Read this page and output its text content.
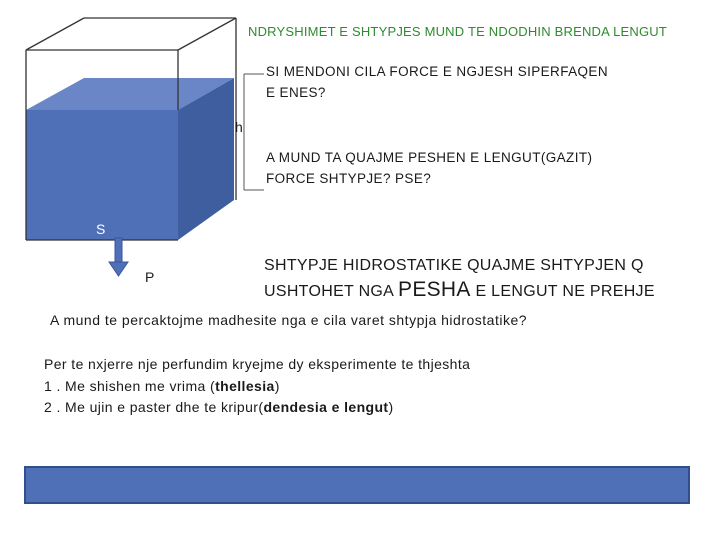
NDRYSHIMET E SHTYPJES MUND TE NDODHIN BRENDA LENGUT
SI MENDONI CILA FORCE E NGJESH SIPERFAQEN
E ENES?
h
A MUND TA QUAJME PESHEN E LENGUT(GAZIT)
FORCE SHTYPJE? PSE?
S
P
SHTYPJE HIDROSTATIKE QUAJME SHTYPJEN Q
USHTOHET NGA PESHA E LENGUT NE PREHJE
A mund te percaktojme madhesite nga e cila varet shtypja hidrostatike?
Per te nxjerre nje perfundim kryejme dy eksperimente te thjeshta
1 . Me shishen me vrima (thellesia)
2 . Me ujin e paster dhe te kripur(dendesia e lengut)
